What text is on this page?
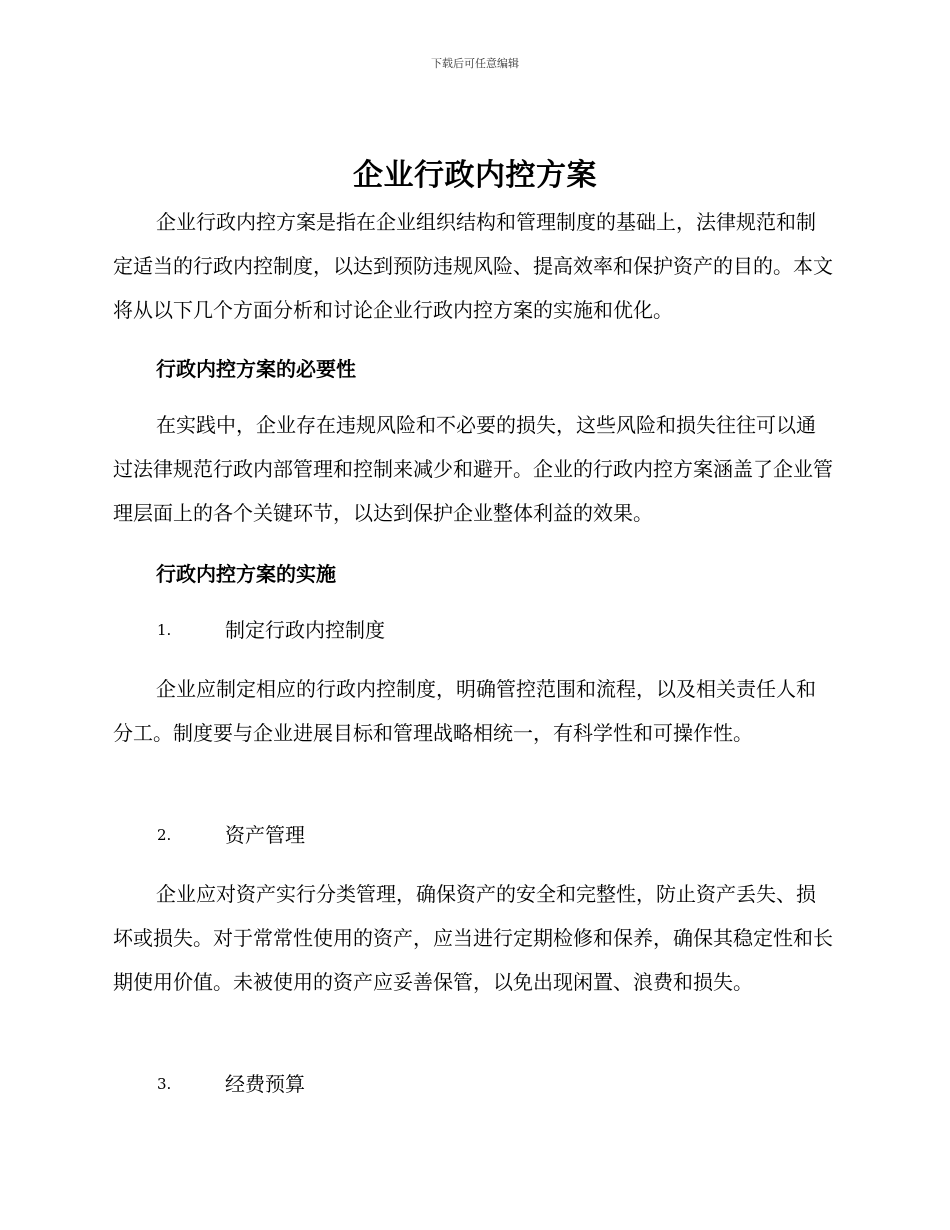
下载后可任意编辑
企业行政内控方案

企业行政内控方案是指在企业组织结构和管理制度的基础上，法律规范和制定适当的行政内控制度，以达到预防违规风险、提高效率和保护资产的目的。本文将从以下几个方面分析和讨论企业行政内控方案的实施和优化。

行政内控方案的必要性

在实践中，企业存在违规风险和不必要的损失，这些风险和损失往往可以通过法律规范行政内部管理和控制来减少和避开。企业的行政内控方案涵盖了企业管理层面上的各个关键环节，以达到保护企业整体利益的效果。

行政内控方案的实施
1.	制定行政内控制度

企业应制定相应的行政内控制度，明确管控范围和流程，以及相关责任人和分工。制度要与企业进展目标和管理战略相统一，有科学性和可操作性。

2.	资产管理

企业应对资产实行分类管理，确保资产的安全和完整性，防止资产丢失、损坏或损失。对于常常性使用的资产，应当进行定期检修和保养，确保其稳定性和长期使用价值。未被使用的资产应妥善保管，以免出现闲置、浪费和损失。

3.	经费预算
